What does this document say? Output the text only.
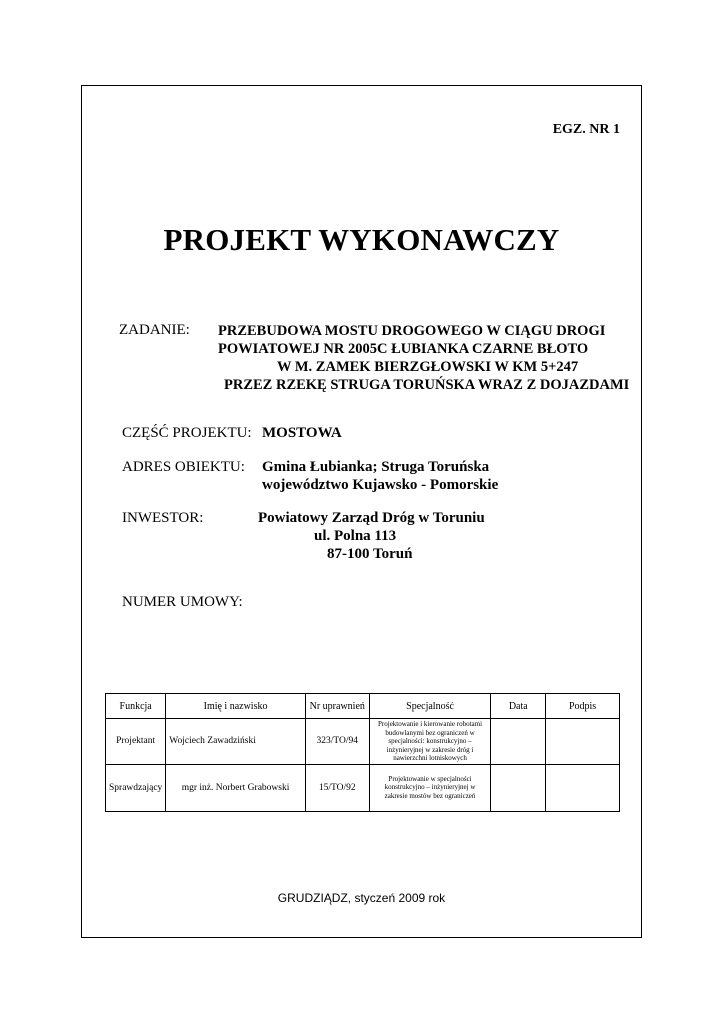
EGZ. NR 1
PROJEKT WYKONAWCZY
ZADANIE: PRZEBUDOWA MOSTU DROGOWEGO W CIĄGU DROGI
POWIATOWEJ NR 2005C ŁUBIANKA CZARNE BŁOTO
W M. ZAMEK BIERZGŁOWSKI W KM 5+247
PRZEZ RZEKĘ STRUGA TORUŃSKA WRAZ Z DOJAZDAMI
CZĘŚĆ PROJEKTU: MOSTOWA
ADRES OBIEKTU: Gmina Łubianka; Struga Toruńska
województwo Kujawsko - Pomorskie
INWESTOR:	Powiatowy Zarząd Dróg w Toruniu
ul. Polna 113
87-100 Toruń
NUMER UMOWY:
Funkcja	Imię i nazwisko	Nr uprawnień	Specjalność	Data	Podpis
Projektant	Wojciech Zawadziński	323/TO/94	Projektowanie i kierowanie robotami budowlanymi bez ograniczeń w specjalności: konstrukcyjno – inżynieryjnej w zakresie dróg i nawierzchni lotniskowych		
Sprawdzający	mgr inż. Norbert Grabowski	15/TO/92	Projektowanie w specjalności konstrukcyjno – inżynieryjnej w zakresie mostów bez ograniczeń		
GRUDZIĄDZ, styczeń 2009 rok
